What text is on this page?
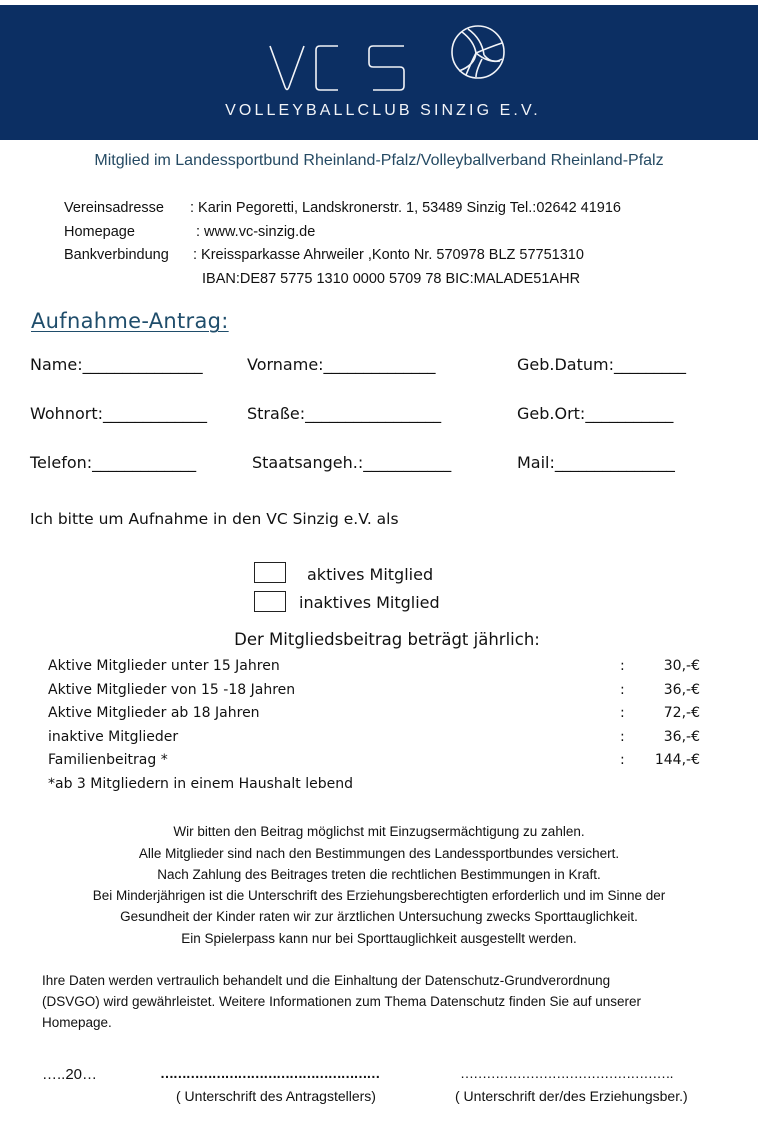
VOLLEYBALLCLUB SINZIG E.V.
Mitglied im Landessportbund Rheinland-Pfalz/Volleyballverband Rheinland-Pfalz
Vereinsadresse : Karin Pegoretti, Landskronerstr. 1, 53489 Sinzig Tel.:02642 41916
Homepage	: www.vc-sinzig.de
Bankverbindung : Kreissparkasse Ahrweiler ,Konto Nr. 570978 BLZ 57751310
IBAN:DE87 5775 1310 0000 5709 78 BIC:MALADE51AHR
Aufnahme-Antrag:
Name:_______________	Vorname:______________	Geb.Datum:_________
Wohnort:_____________	Straße:_________________	Geb.Ort:___________
Telefon:_____________	Staatsangeh.:___________	Mail:_______________
Ich bitte um Aufnahme in den VC Sinzig e.V. als
aktives Mitglied
inaktives Mitglied
Der Mitgliedsbeitrag beträgt jährlich:
Aktive Mitglieder unter 15 Jahren	:	30,-€
Aktive Mitglieder von 15 -18 Jahren	:	36,-€
Aktive Mitglieder ab 18 Jahren	:	72,-€
inaktive Mitglieder	:	36,-€
Familienbeitrag *	:	144,-€
*ab 3 Mitgliedern in einem Haushalt lebend
Wir bitten den Beitrag möglichst mit Einzugsermächtigung zu zahlen.
Alle Mitglieder sind nach den Bestimmungen des Landessportbundes versichert.
Nach Zahlung des Beitrages treten die rechtlichen Bestimmungen in Kraft.
Bei Minderjährigen ist die Unterschrift des Erziehungsberechtigten erforderlich und im Sinne der
Gesundheit der Kinder raten wir zur ärztlichen Untersuchung zwecks Sporttauglichkeit.
Ein Spielerpass kann nur bei Sporttauglichkeit ausgestellt werden.
Ihre Daten werden vertraulich behandelt und die Einhaltung der Datenschutz-Grundverordnung
(DSVGO) wird gewährleistet. Weitere Informationen zum Thema Datenschutz finden Sie auf unserer
Homepage.
…..20…	……………………………………………	………………………………………….
( Unterschrift des Antragstellers)	( Unterschrift der/des Erziehungsber.)
